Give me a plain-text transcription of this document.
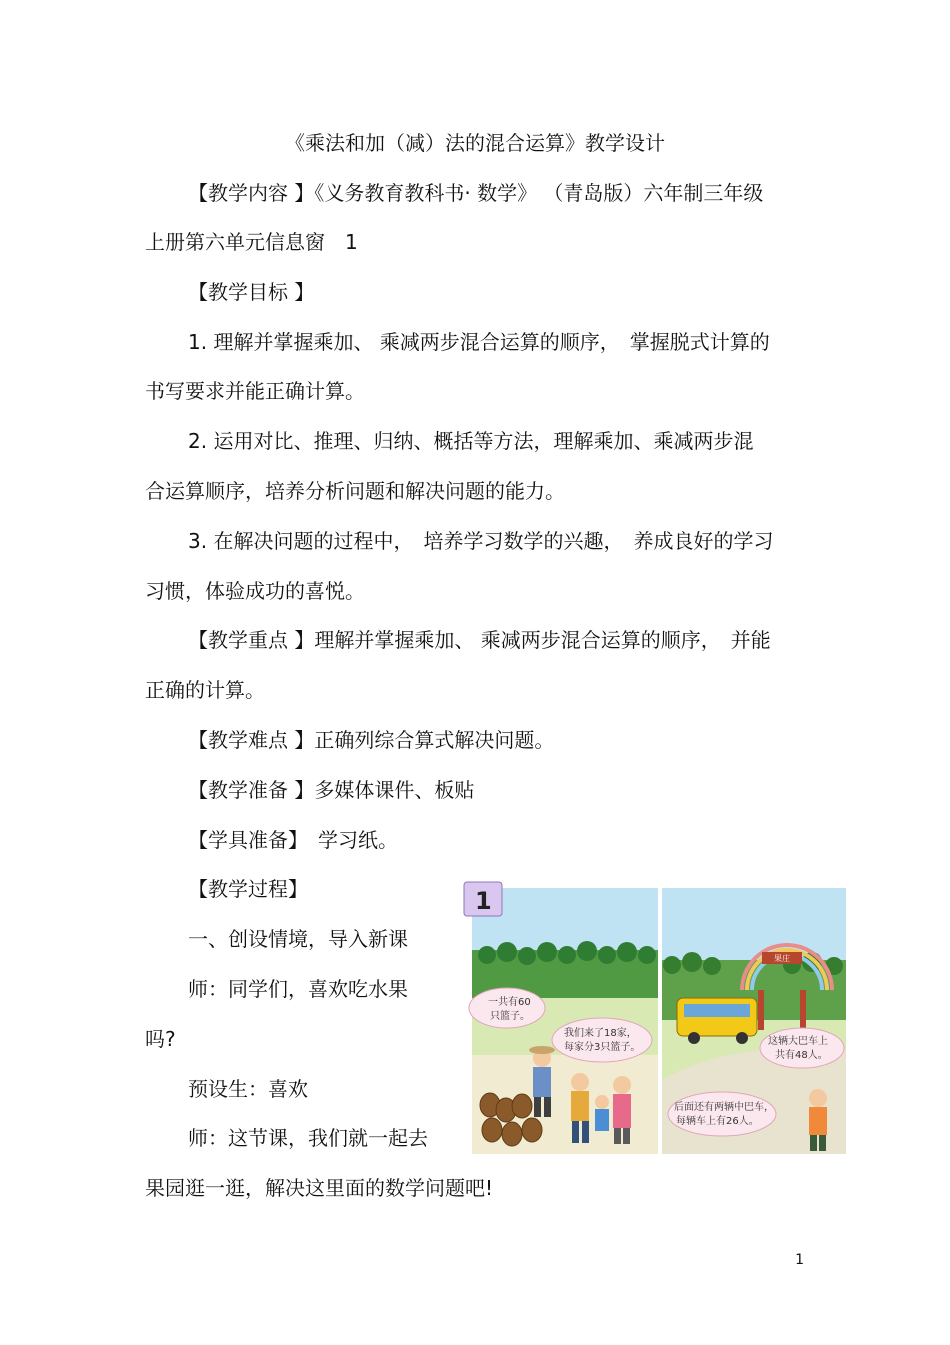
《乘法和加（减）法的混合运算》教学设计
【教学内容 】《义务教育教科书· 数学》 （青岛版）六年制三年级
上册第六单元信息窗　1
【教学目标 】
1. 理解并掌握乘加、 乘减两步混合运算的顺序，　掌握脱式计算的
书写要求并能正确计算。
2. 运用对比、推理、归纳、概括等方法，理解乘加、乘减两步混
合运算顺序，培养分析问题和解决问题的能力。
3. 在解决问题的过程中，　培养学习数学的兴趣，　养成良好的学习
习惯，体验成功的喜悦。
【教学重点 】理解并掌握乘加、 乘减两步混合运算的顺序，　并能
正确的计算。
【教学难点 】正确列综合算式解决问题。
【教学准备 】多媒体课件、板贴
【学具准备】　学习纸。
【教学过程】
一、创设情境，导入新课
师：同学们，喜欢吃水果
吗?
预设生：喜欢
师：这节课，我们就一起去
果园逛一逛，解决这里面的数学问题吧!
1
一共有60
只篮子。
我们来了18家，
每家分3只篮子。
1
果庄
这辆大巴车上
共有48人。
后面还有两辆中巴车，
每辆车上有26人。
